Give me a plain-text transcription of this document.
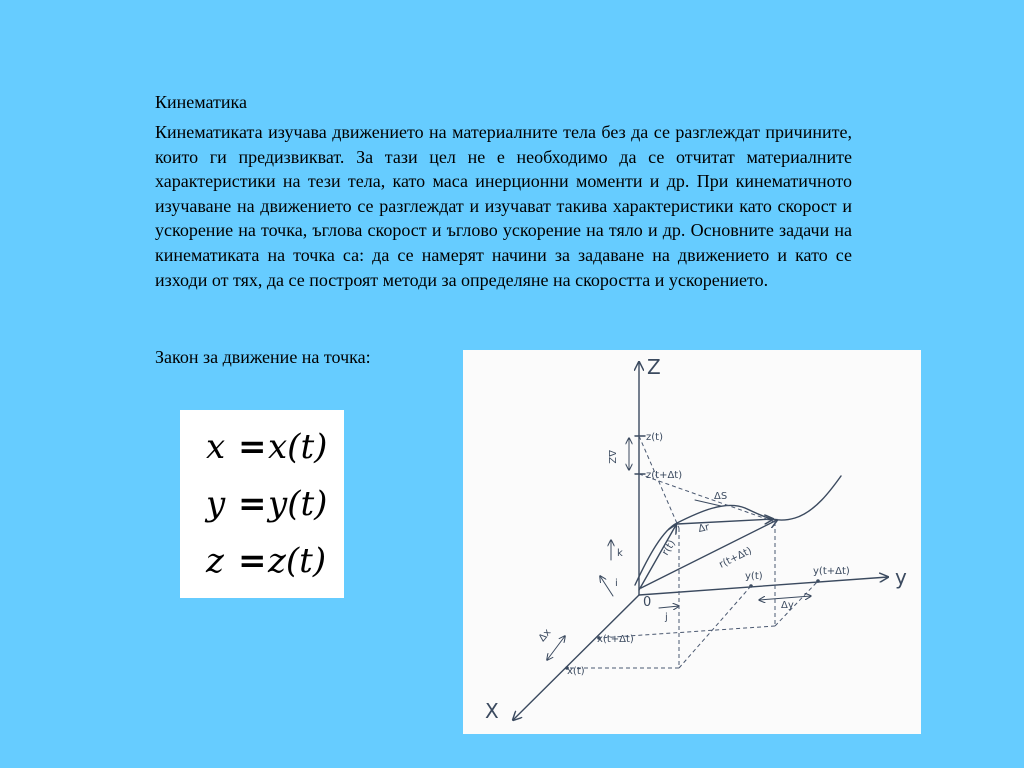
Кинематика

Кинематиката изучава движението на материалните тела без да се разглеждат причините, които ги предизвикват. За тази цел не е необходимо да се отчитат материалните характеристики на тези тела, като маса инерционни моменти и др. При кинематичното изучаване на движението се разглеждат и изучават такива характеристики като скорост и ускорение на точка, ъглова скорост и ъглово ускорение на тяло и др. Основните задачи на кинематиката на точка са: да се намерят начини за задаване на движението и като се изходи от тях, да се построят методи за определяне на скоростта и ускорението.

Закон за движение на точка:
x = x(t)
y = y(t)
z = z(t)
Z
y
X
0
r(t)	r(t+Δt)
Δr
ΔS
z(t)
z(t+Δt)
ΔZ
k
i
j
y(t)	y(t+Δt)
Δy
x(t+Δt)
x(t)
Δx
